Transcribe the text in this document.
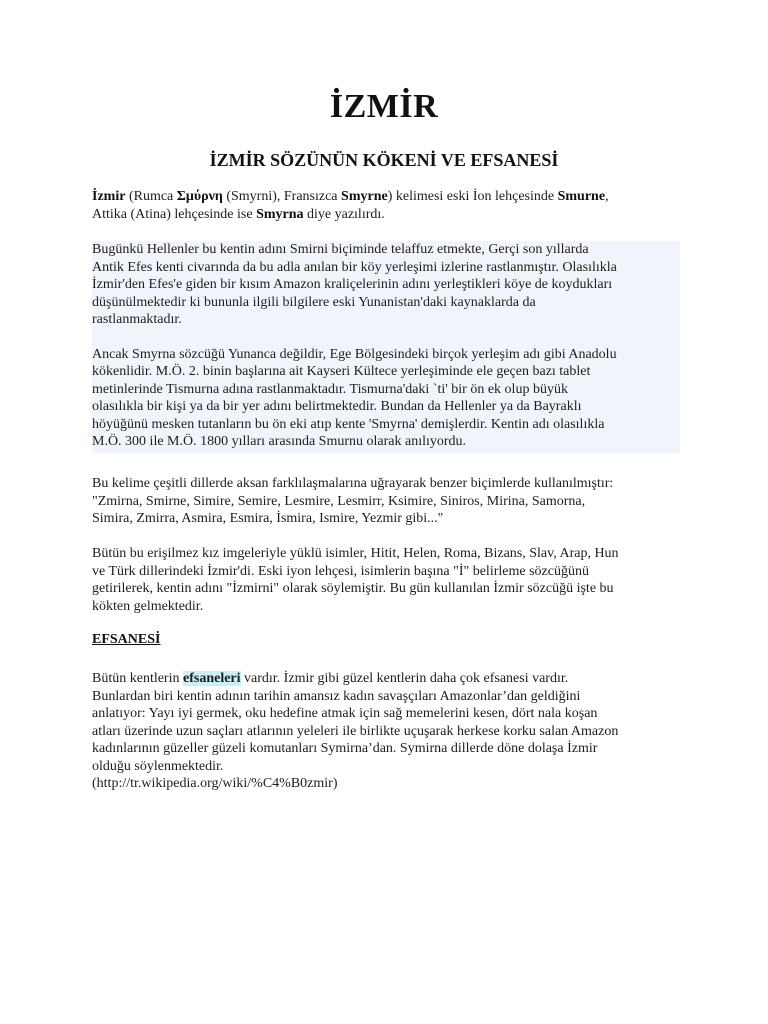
İZMİR
İZMİR SÖZÜNÜN KÖKENİ VE EFSANESİ
İzmir (Rumca Σμύρνη (Smyrni), Fransızca Smyrne) kelimesi eski İon lehçesinde Smurne,
Attika (Atina) lehçesinde ise Smyrna diye yazılırdı.
Bugünkü Hellenler bu kentin adını Smirni biçiminde telaffuz etmekte, Gerçi son yıllarda
Antik Efes kenti civarında da bu adla anılan bir köy yerleşimi izlerine rastlanmıştır. Olasılıkla
İzmir'den Efes'e giden bir kısım Amazon kraliçelerinin adını yerleştikleri köye de koydukları
düşünülmektedir ki bununla ilgili bilgilere eski Yunanistan'daki kaynaklarda da
rastlanmaktadır.
Ancak Smyrna sözcüğü Yunanca değildir, Ege Bölgesindeki birçok yerleşim adı gibi Anadolu
kökenlidir. M.Ö. 2. binin başlarına ait Kayseri Kültece yerleşiminde ele geçen bazı tablet
metinlerinde Tismurna adına rastlanmaktadır. Tismurna'daki `ti' bir ön ek olup büyük
olasılıkla bir kişi ya da bir yer adını belirtmektedir. Bundan da Hellenler ya da Bayraklı
höyüğünü mesken tutanların bu ön eki atıp kente 'Smyrna' demişlerdir. Kentin adı olasılıkla
M.Ö. 300 ile M.Ö. 1800 yılları arasında Smurnu olarak anılıyordu.
Bu kelime çeşitli dillerde aksan farklılaşmalarına uğrayarak benzer biçimlerde kullanılmıştır:
"Zmirna, Smirne, Simire, Semire, Lesmire, Lesmirr, Ksimire, Siniros, Mirina, Samorna,
Simira, Zmirra, Asmira, Esmira, İsmira, Ismire, Yezmir gibi..."
Bütün bu erişilmez kız imgeleriyle yüklü isimler, Hitit, Helen, Roma, Bizans, Slav, Arap, Hun
ve Türk dillerindeki İzmir'di. Eski iyon lehçesi, isimlerin başına "İ" belirleme sözcüğünü
getirilerek, kentin adını "İzmirni" olarak söylemiştir. Bu gün kullanılan İzmir sözcüğü işte bu
kökten gelmektedir.
EFSANESİ
Bütün kentlerin efsaneleri vardır. İzmir gibi güzel kentlerin daha çok efsanesi vardır.
Bunlardan biri kentin adının tarihin amansız kadın savaşçıları Amazonlar’dan geldiğini
anlatıyor: Yayı iyi germek, oku hedefine atmak için sağ memelerini kesen, dört nala koşan
atları üzerinde uzun saçları atlarının yeleleri ile birlikte uçuşarak herkese korku salan Amazon
kadınlarının güzeller güzeli komutanları Symirna’dan. Symirna dillerde döne dolaşa İzmir
olduğu söylenmektedir.
(http://tr.wikipedia.org/wiki/%C4%B0zmir)
